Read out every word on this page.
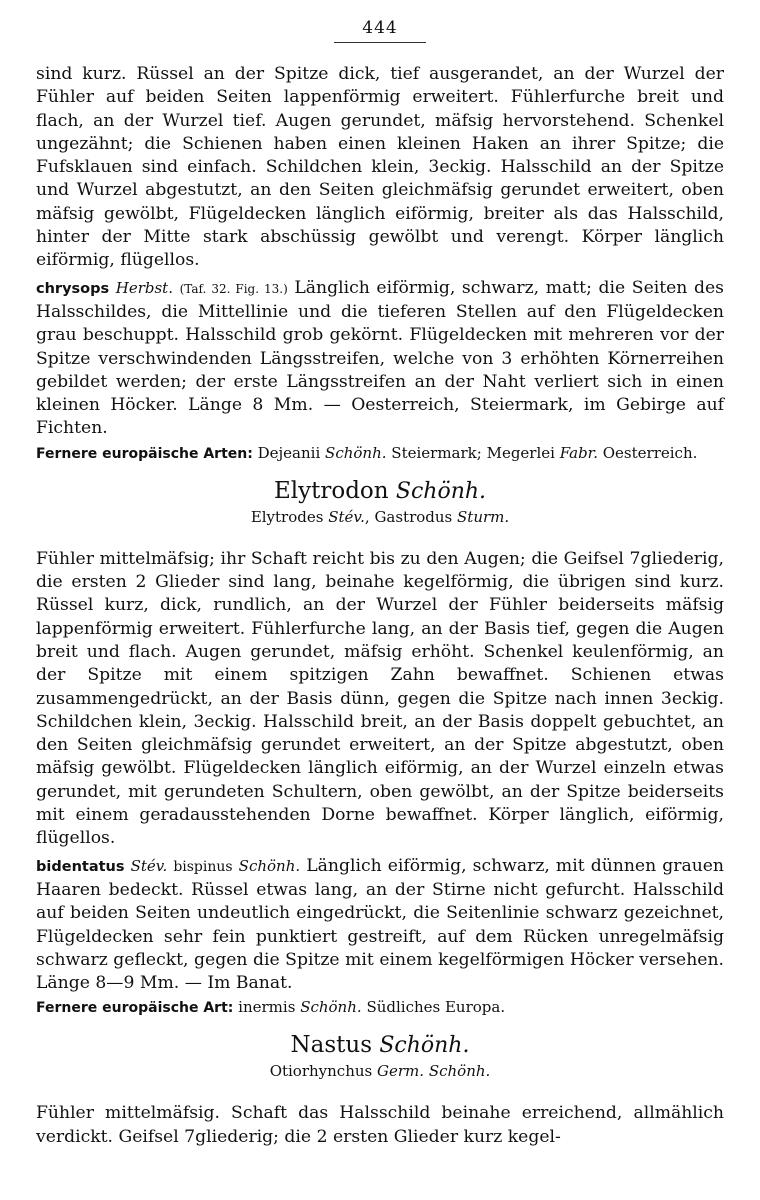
444

sind kurz. Rüssel an der Spitze dick, tief ausgerandet, an der Wurzel der Fühler auf beiden Seiten lappenförmig erweitert. Fühlerfurche breit und flach, an der Wurzel tief. Augen gerundet, mäfsig hervorstehend. Schenkel ungezähnt; die Schienen haben einen kleinen Haken an ihrer Spitze; die Fufsklauen sind einfach. Schildchen klein, 3eckig. Halsschild an der Spitze und Wurzel abgestutzt, an den Seiten gleichmäfsig gerundet erweitert, oben mäfsig gewölbt, Flügeldecken länglich eiförmig, breiter als das Halsschild, hinter der Mitte stark abschüssig gewölbt und verengt. Körper länglich eiförmig, flügellos.

chrysops Herbst. (Taf. 32. Fig. 13.) Länglich eiförmig, schwarz, matt; die Seiten des Halsschildes, die Mittellinie und die tieferen Stellen auf den Flügeldecken grau beschuppt. Halsschild grob gekörnt. Flügeldecken mit mehreren vor der Spitze verschwindenden Längsstreifen, welche von 3 erhöhten Körnerreihen gebildet werden; der erste Längsstreifen an der Naht verliert sich in einen kleinen Höcker. Länge 8 Mm. — Oesterreich, Steiermark, im Gebirge auf Fichten.

Fernere europäische Arten: Dejeanii Schönh. Steiermark; Megerlei Fabr. Oesterreich.

Elytrodon Schönh.
Elytrodes Stév., Gastrodus Sturm.

Fühler mittelmäfsig; ihr Schaft reicht bis zu den Augen; die Geifsel 7gliederig, die ersten 2 Glieder sind lang, beinahe kegelförmig, die übrigen sind kurz. Rüssel kurz, dick, rundlich, an der Wurzel der Fühler beiderseits mäfsig lappenförmig erweitert. Fühlerfurche lang, an der Basis tief, gegen die Augen breit und flach. Augen gerundet, mäfsig erhöht. Schenkel keulenförmig, an der Spitze mit einem spitzigen Zahn bewaffnet. Schienen etwas zusammengedrückt, an der Basis dünn, gegen die Spitze nach innen 3eckig. Schildchen klein, 3eckig. Halsschild breit, an der Basis doppelt gebuchtet, an den Seiten gleichmäfsig gerundet erweitert, an der Spitze abgestutzt, oben mäfsig gewölbt. Flügeldecken länglich eiförmig, an der Wurzel einzeln etwas gerundet, mit gerundeten Schultern, oben gewölbt, an der Spitze beiderseits mit einem geradausstehenden Dorne bewaffnet. Körper länglich, eiförmig, flügellos.

bidentatus Stév. bispinus Schönh. Länglich eiförmig, schwarz, mit dünnen grauen Haaren bedeckt. Rüssel etwas lang, an der Stirne nicht gefurcht. Halsschild auf beiden Seiten undeutlich eingedrückt, die Seitenlinie schwarz gezeichnet, Flügeldecken sehr fein punktiert gestreift, auf dem Rücken unregelmäfsig schwarz gefleckt, gegen die Spitze mit einem kegelförmigen Höcker versehen. Länge 8—9 Mm. — Im Banat.

Fernere europäische Art: inermis Schönh. Südliches Europa.

Nastus Schönh.
Otiorhynchus Germ. Schönh.

Fühler mittelmäfsig. Schaft das Halsschild beinahe erreichend, allmählich verdickt. Geifsel 7gliederig; die 2 ersten Glieder kurz kegel-
